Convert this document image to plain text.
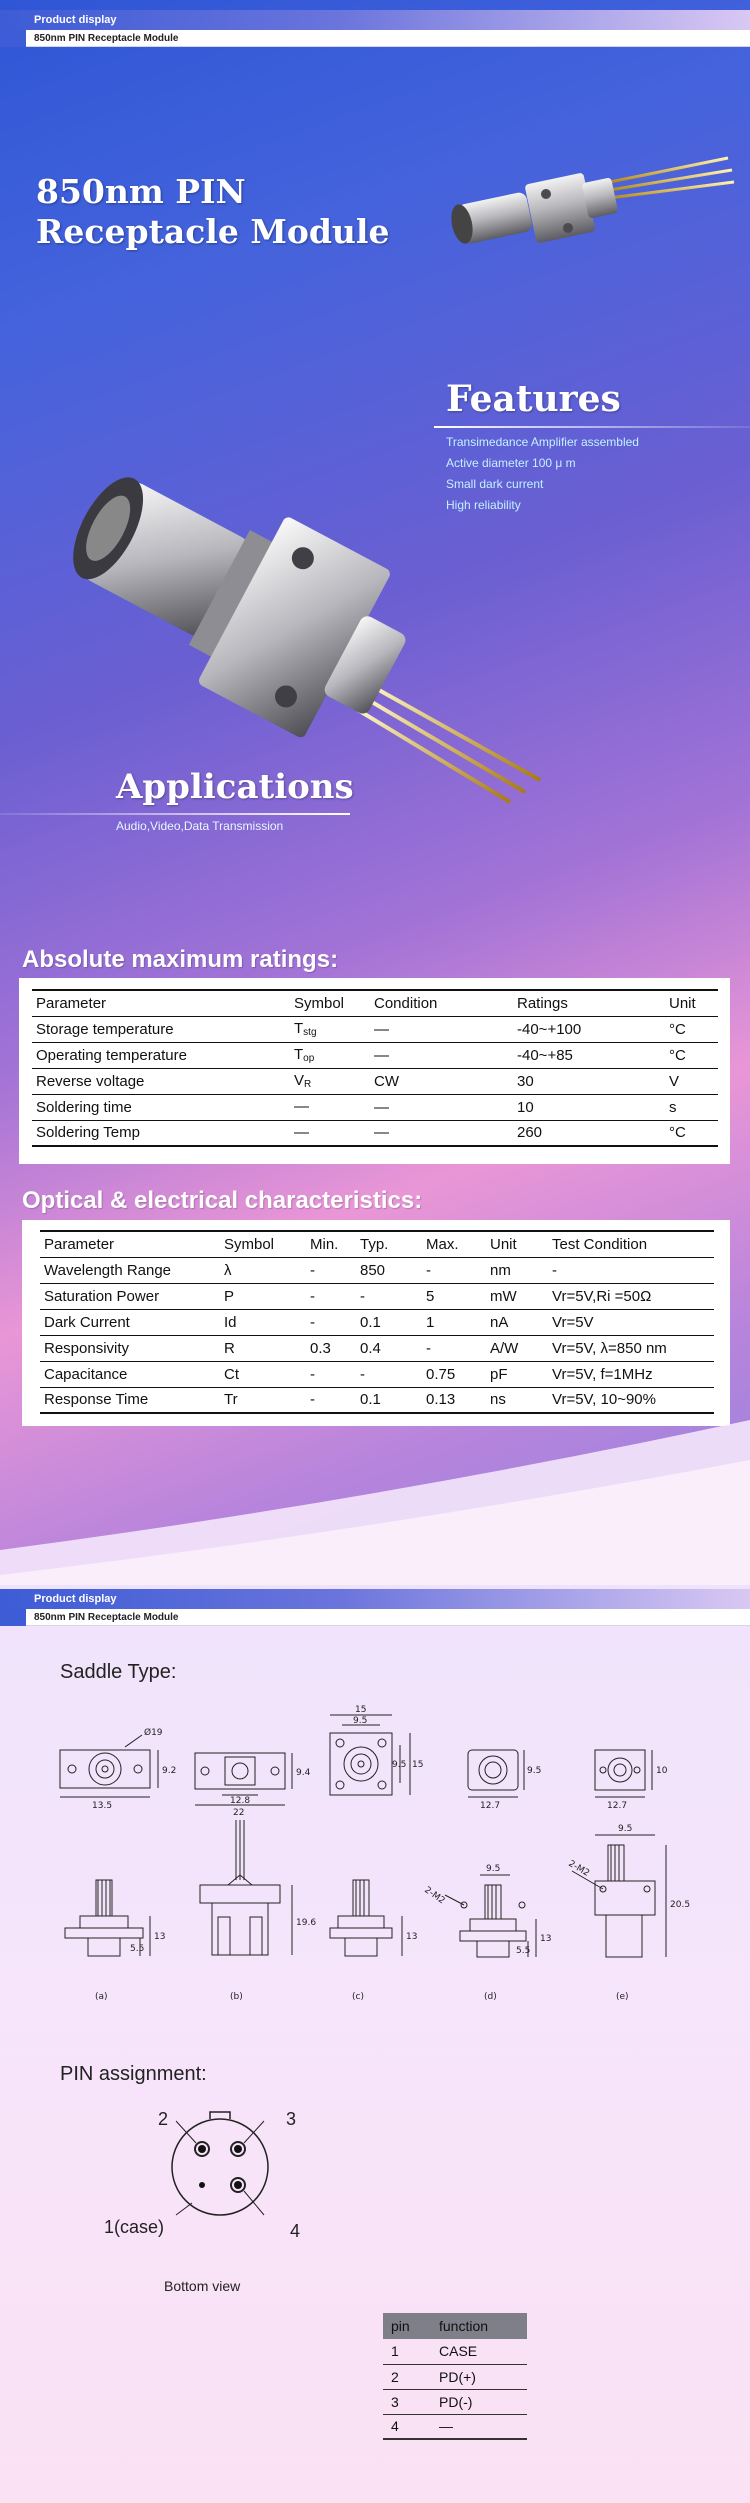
Product display
850nm PIN Receptacle Module
850nm PIN
Receptacle Module
Features
Transimedance Amplifier assembled
Active diameter 100 μ m
Small dark current
High reliability
Applications
Audio,Video,Data Transmission
Absolute maximum ratings:
Parameter	Symbol	Condition	Ratings	Unit
Storage temperature	$T_{stg}$	—	-40~+100	°C
Operating temperature	$T_{op}$	—	-40~+85	°C
Reverse voltage	$V_R$	CW	30	V
Soldering time	—	—	10	s
Soldering Temp	—	—	260	°C
Optical & electrical characteristics:
Parameter	Symbol	Min.	Typ.	Max.	Unit	Test Condition
Wavelength Range	λ	-	850	-	nm	-
Saturation Power	P	-	-	5	mW	Vr=5V,Ri =50Ω
Dark Current	Id	-	0.1	1	nA	Vr=5V
Responsivity	R	0.3	0.4	-	A/W	Vr=5V, λ=850 nm
Capacitance	Ct	-	-	0.75	pF	Vr=5V, f=1MHz
Response Time	Tr	-	0.1	0.13	ns	Vr=5V, 10~90%
Product display
850nm PIN Receptacle Module
Saddle Type:
Ø19
9.2
13.5
9.4
12.8
22
15
9.5
9.5 15
9.5
12.7
10
12.7
13
5.5
(a)
19.6
(b)
13
(c)
9.5
2-M2
13
5.5
(d)
9.5
2-M2
20.5
(e)
PIN assignment:
2	3
1(case)	4
Bottom view
pin	function
1	CASE
2	PD(+)
3	PD(-)
4	—
